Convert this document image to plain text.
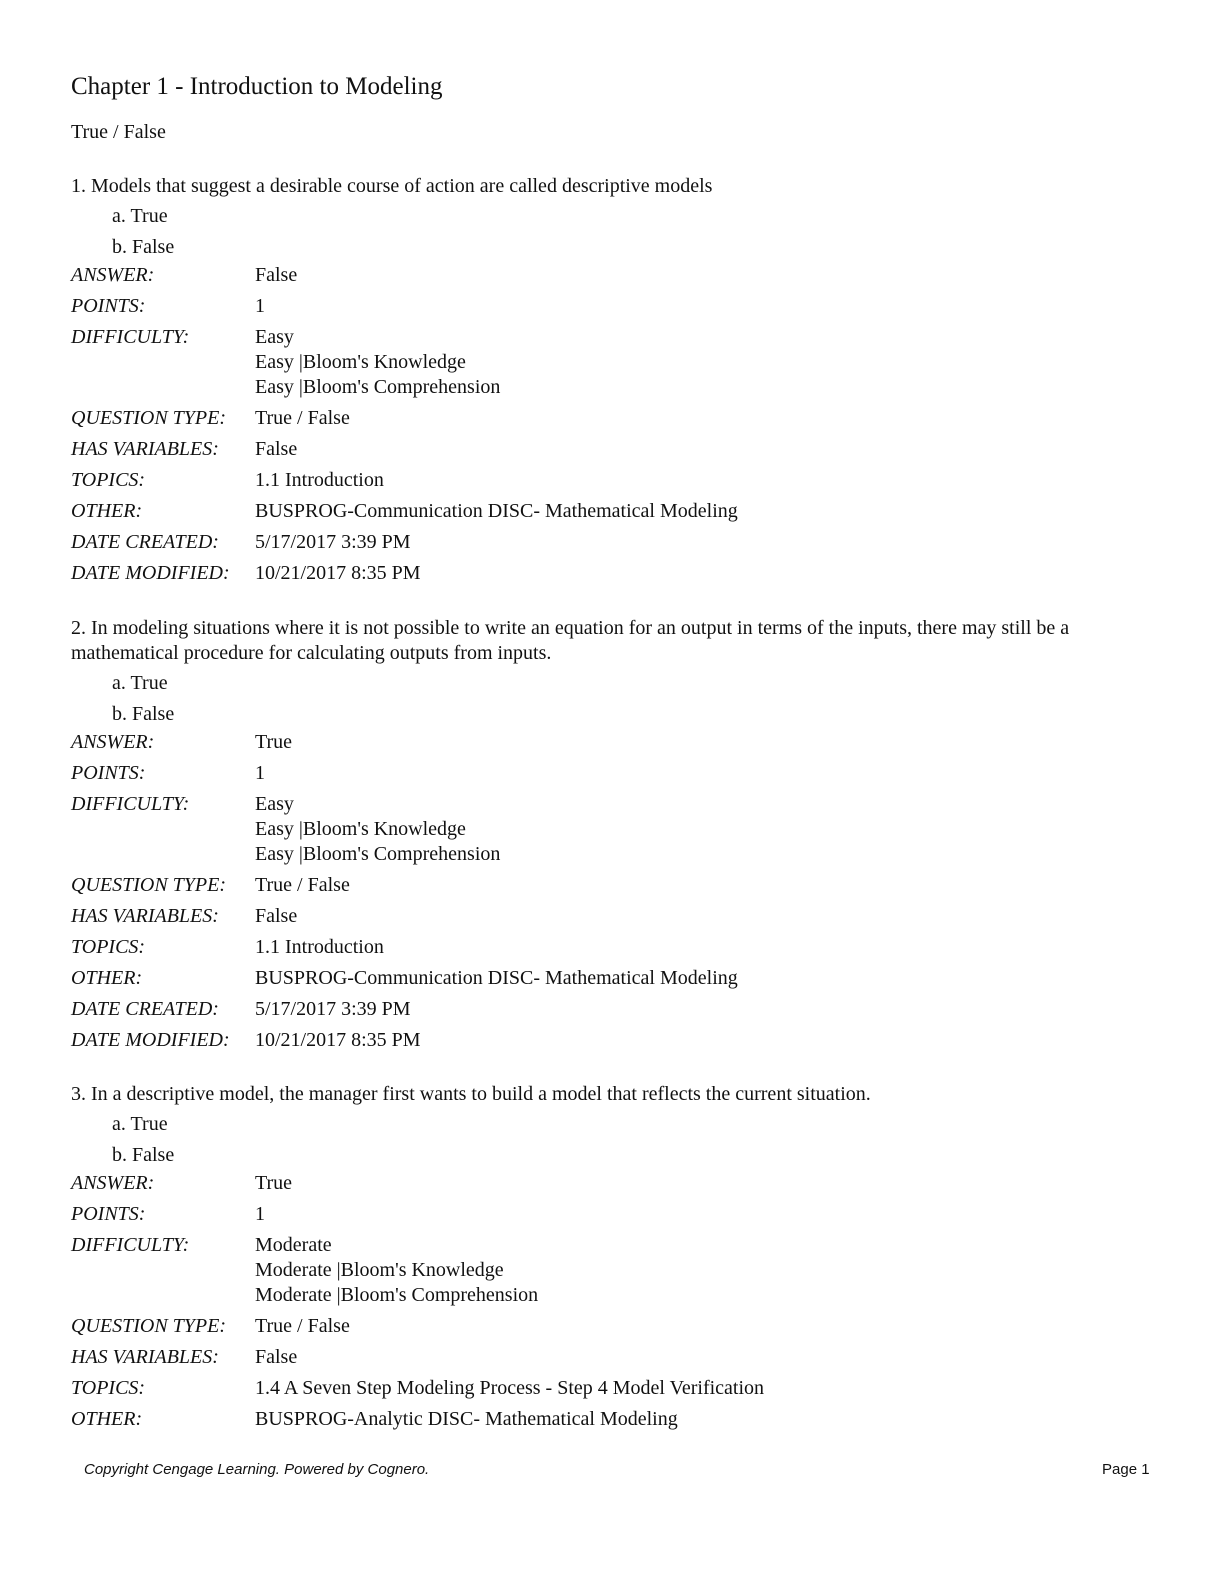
Chapter 1 - Introduction to Modeling
True / False

1. Models that suggest a desirable course of action are called descriptive models

a. True
b. False
ANSWER:	False
POINTS:	1
DIFFICULTY:	Easy
Easy |Bloom's Knowledge
Easy |Bloom's Comprehension
QUESTION TYPE:	True / False
HAS VARIABLES:	False
TOPICS:	1.1 Introduction
OTHER:	BUSPROG-Communication DISC- Mathematical Modeling
DATE CREATED:	5/17/2017 3:39 PM
DATE MODIFIED:	10/21/2017 8:35 PM

2. In modeling situations where it is not possible to write an equation for an output in terms of the inputs, there may still be a mathematical procedure for calculating outputs from inputs.

a. True
b. False
ANSWER:	True
POINTS:	1
DIFFICULTY:	Easy
Easy |Bloom's Knowledge
Easy |Bloom's Comprehension
QUESTION TYPE:	True / False
HAS VARIABLES:	False
TOPICS:	1.1 Introduction
OTHER:	BUSPROG-Communication DISC- Mathematical Modeling
DATE CREATED:	5/17/2017 3:39 PM
DATE MODIFIED:	10/21/2017 8:35 PM

3. In a descriptive model, the manager first wants to build a model that reflects the current situation.

a. True
b. False
ANSWER:	True
POINTS:	1
DIFFICULTY:	Moderate
Moderate |Bloom's Knowledge
Moderate |Bloom's Comprehension
QUESTION TYPE:	True / False
HAS VARIABLES:	False
TOPICS:	1.4 A Seven Step Modeling Process - Step 4 Model Verification
OTHER:	BUSPROG-Analytic DISC- Mathematical Modeling
Copyright Cengage Learning. Powered by Cognero.	Page 1
